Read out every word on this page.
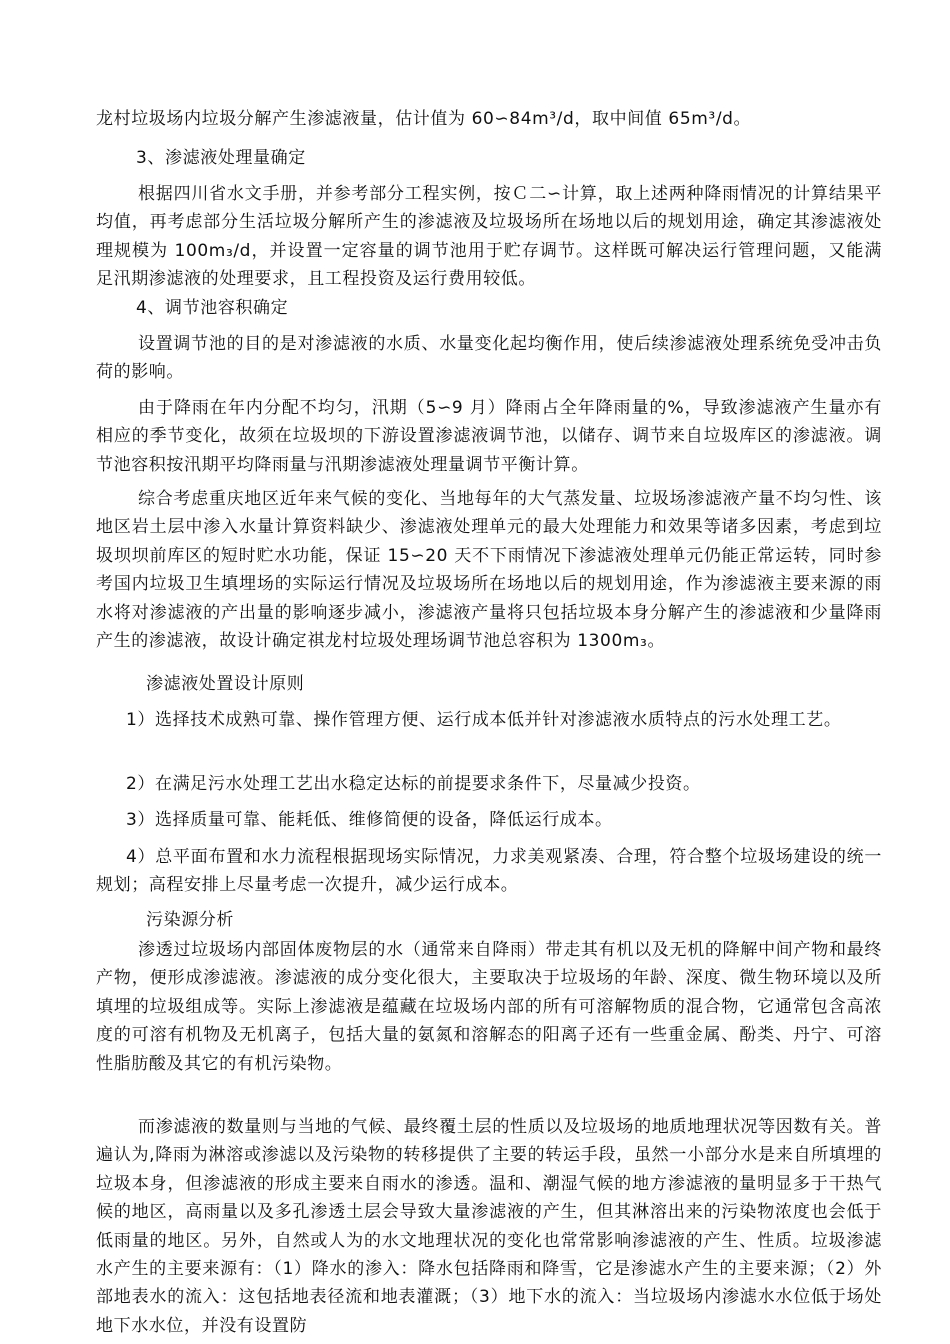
龙村垃圾场内垃圾分解产生渗滤液量，估计值为 60∽84m³/d，取中间值 65m³/d。

3、渗滤液处理量确定

根据四川省水文手册，并参考部分工程实例，按Ｃ二∽计算，取上述两种降雨情况的计算结果平均值，再考虑部分生活垃圾分解所产生的渗滤液及垃圾场所在场地以后的规划用途，确定其渗滤液处理规模为 100m₃/d，并设置一定容量的调节池用于贮存调节。这样既可解决运行管理问题，又能满足汛期渗滤液的处理要求，且工程投资及运行费用较低。

4、调节池容积确定

设置调节池的目的是对渗滤液的水质、水量变化起均衡作用，使后续渗滤液处理系统免受冲击负荷的影响。

由于降雨在年内分配不均匀，汛期（5∽9 月）降雨占全年降雨量的%，导致渗滤液产生量亦有相应的季节变化，故须在垃圾坝的下游设置渗滤液调节池，以储存、调节来自垃圾库区的渗滤液。调节池容积按汛期平均降雨量与汛期渗滤液处理量调节平衡计算。

综合考虑重庆地区近年来气候的变化、当地每年的大气蒸发量、垃圾场渗滤液产量不均匀性、该地区岩土层中渗入水量计算资料缺少、渗滤液处理单元的最大处理能力和效果等诸多因素，考虑到垃圾坝坝前库区的短时贮水功能，保证 15∽20 天不下雨情况下渗滤液处理单元仍能正常运转，同时参考国内垃圾卫生填埋场的实际运行情况及垃圾场所在场地以后的规划用途，作为渗滤液主要来源的雨水将对渗滤液的产出量的影响逐步减小，渗滤液产量将只包括垃圾本身分解产生的渗滤液和少量降雨产生的渗滤液，故设计确定祺龙村垃圾处理场调节池总容积为 1300m₃。

渗滤液处置设计原则

1）选择技术成熟可靠、操作管理方便、运行成本低并针对渗滤液水质特点的污水处理工艺。

2）在满足污水处理工艺出水稳定达标的前提要求条件下，尽量减少投资。

3）选择质量可靠、能耗低、维修简便的设备，降低运行成本。

4）总平面布置和水力流程根据现场实际情况，力求美观紧凑、合理，符合整个垃圾场建设的统一规划；高程安排上尽量考虑一次提升，减少运行成本。

污染源分析

渗透过垃圾场内部固体废物层的水（通常来自降雨）带走其有机以及无机的降解中间产物和最终产物，便形成渗滤液。渗滤液的成分变化很大，主要取决于垃圾场的年龄、深度、微生物环境以及所填埋的垃圾组成等。实际上渗滤液是蕴藏在垃圾场内部的所有可溶解物质的混合物，它通常包含高浓度的可溶有机物及无机离子，包括大量的氨氮和溶解态的阳离子还有一些重金属、酚类、丹宁、可溶性脂肪酸及其它的有机污染物。

而渗滤液的数量则与当地的气候、最终覆土层的性质以及垃圾场的地质地理状况等因数有关。普遍认为,降雨为淋溶或渗滤以及污染物的转移提供了主要的转运手段，虽然一小部分水是来自所填埋的垃圾本身，但渗滤液的形成主要来自雨水的渗透。温和、潮湿气候的地方渗滤液的量明显多于干热气候的地区，高雨量以及多孔渗透土层会导致大量渗滤液的产生，但其淋溶出来的污染物浓度也会低于低雨量的地区。另外，自然或人为的水文地理状况的变化也常常影响渗滤液的产生、性质。垃圾渗滤水产生的主要来源有：（1）降水的渗入：降水包括降雨和降雪，它是渗滤水产生的主要来源；（2）外部地表水的流入：这包括地表径流和地表灌溉；（3）地下水的流入：当垃圾场内渗滤水水位低于场处地下水水位，并没有设置防
